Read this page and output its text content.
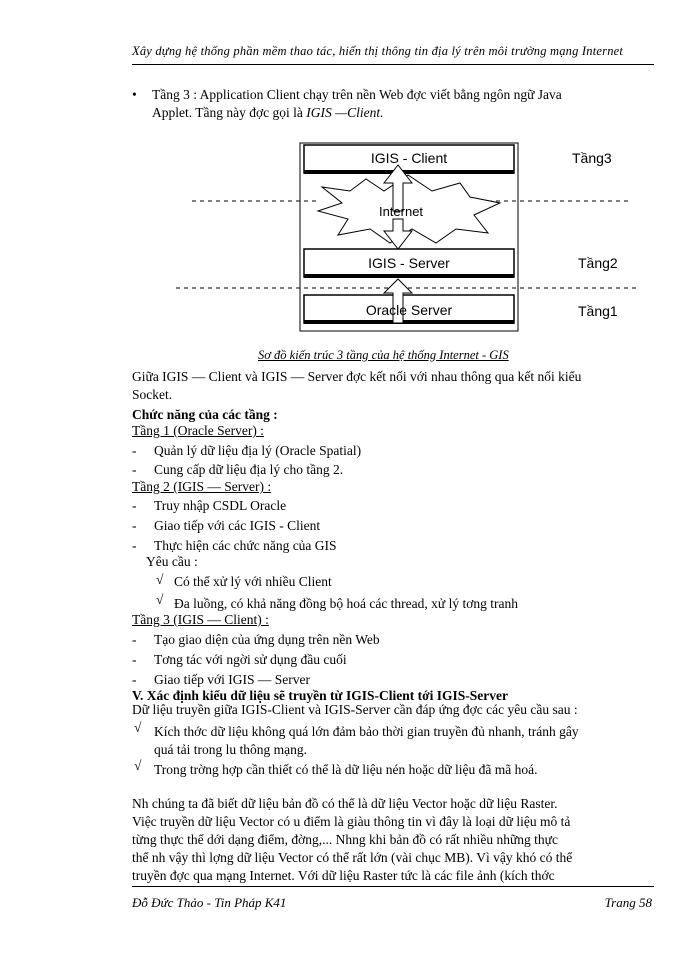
Xây dựng hệ thống phần mềm thao tác, hiển thị thông tin địa lý trên môi trường mạng Internet
• Tầng 3 : Application Client chạy trên nền Web đợc viết bằng ngôn ngữ Java
Applet. Tầng này đợc gọi là IGIS —Client.
IGIS - Client
Internet
IGIS - Server
Oracle Server
Tầng3
Tầng2
Tầng1
Sơ đồ kiến trúc 3 tầng của hệ thống Internet - GIS
Giữa IGIS — Client và IGIS — Server đợc kết nối với nhau thông qua kết nối kiểu
Socket.
Chức năng của các tầng :
Tầng 1 (Oracle Server) :
- Quản lý dữ liệu địa lý (Oracle Spatial)
- Cung cấp dữ liệu địa lý cho tầng 2.
Tầng 2 (IGIS — Server) :
- Truy nhập CSDL Oracle
- Giao tiếp với các IGIS - Client
- Thực hiện các chức năng của GIS
Yêu cầu :
√ Có thể xử lý với nhiều Client
√ Đa luồng, có khả năng đồng bộ hoá các thread, xử lý tơng tranh
Tầng 3 (IGIS — Client) :
- Tạo giao diện của ứng dụng trên nền Web
- Tơng tác với ngời sử dụng đầu cuối
- Giao tiếp với IGIS — Server
V. Xác định kiểu dữ liệu sẽ truyền từ IGIS-Client tới IGIS-Server
Dữ liệu truyền giữa IGIS-Client và IGIS-Server cần đáp ứng đợc các yêu cầu sau :
√ Kích thớc dữ liệu không quá lớn đảm bảo thời gian truyền đủ nhanh, tránh gây
quá tải trong lu thông mạng.
√ Trong trờng hợp cần thiết có thể là dữ liệu nén hoặc dữ liệu đã mã hoá.
Nh chúng ta đã biết dữ liệu bản đồ có thể là dữ liệu Vector hoặc dữ liệu Raster.
Việc truyền dữ liệu Vector có u điểm là giàu thông tin vì đây là loại dữ liệu mô tả
từng thực thể dới dạng điểm, đờng,... Nhng khi bản đồ có rất nhiều những thực
thể nh vậy thì lợng dữ liệu Vector có thể rất lớn (vài chục MB). Vì vậy khó có thể
truyền đợc qua mạng Internet. Với dữ liệu Raster tức là các file ảnh (kích thớc
Đỗ Đức Thảo - Tin Pháp K41	Trang 58
